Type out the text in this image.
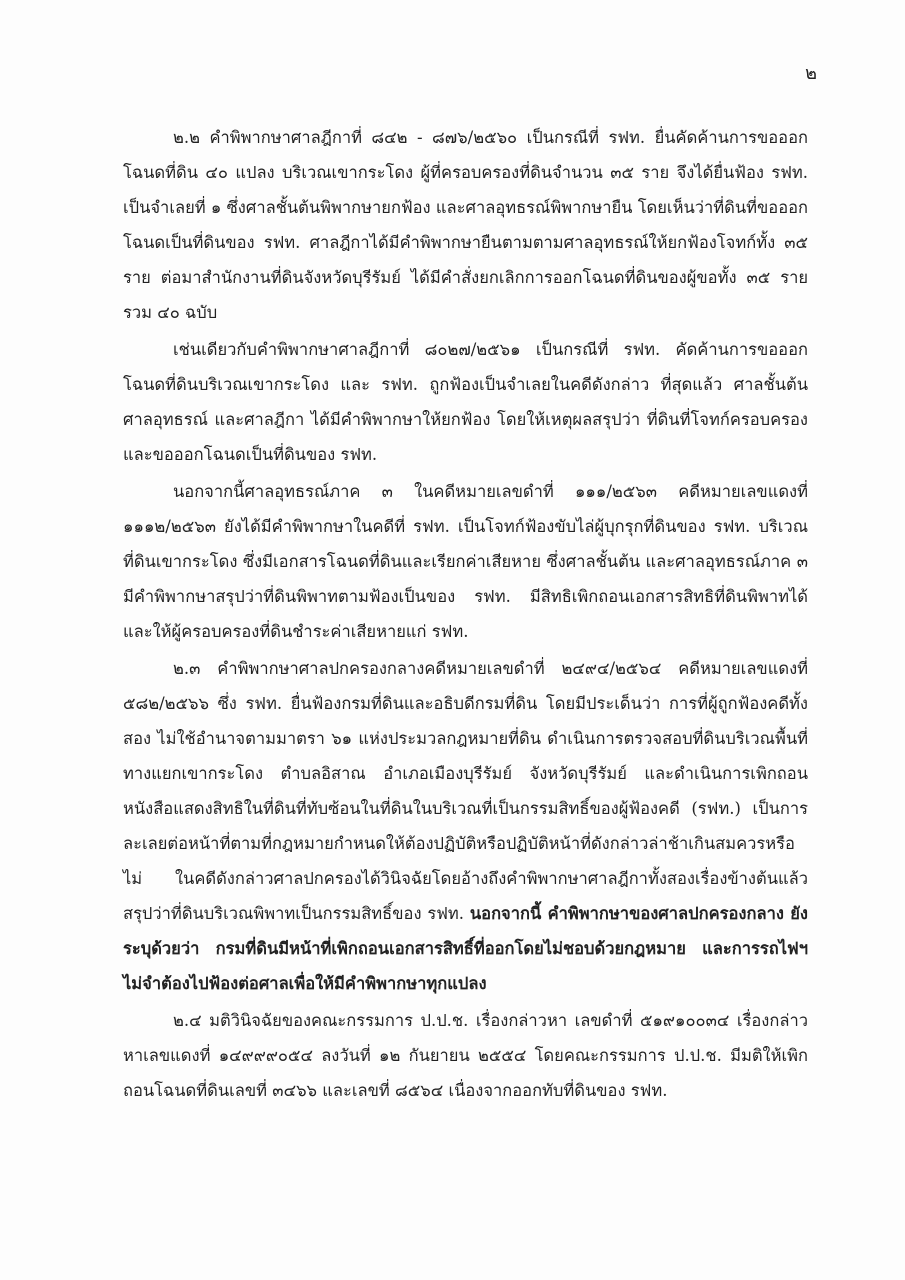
๒

๒.๒ คำพิพากษาศาลฎีกาที่ ๘๔๒ - ๘๗๖/๒๕๖๐ เป็นกรณีที่ รฟท. ยื่นคัดค้านการขอออกโฉนดที่ดิน ๔๐ แปลง บริเวณเขากระโดง ผู้ที่ครอบครองที่ดินจำนวน ๓๕ ราย จึงได้ยื่นฟ้อง รฟท. เป็นจำเลยที่ ๑ ซึ่งศาลชั้นต้นพิพากษายกฟ้อง และศาลอุทธรณ์พิพากษายืน โดยเห็นว่าที่ดินที่ขอออกโฉนดเป็นที่ดินของ รฟท. ศาลฎีกาได้มีคำพิพากษายืนตามตามศาลอุทธรณ์ให้ยกฟ้องโจทก์ทั้ง ๓๕ ราย ต่อมาสำนักงานที่ดินจังหวัดบุรีรัมย์ ได้มีคำสั่งยกเลิกการออกโฉนดที่ดินของผู้ขอทั้ง ๓๕ ราย รวม ๔๐ ฉบับ

เช่นเดียวกับคำพิพากษาศาลฎีกาที่ ๘๐๒๗/๒๕๖๑ เป็นกรณีที่ รฟท. คัดค้านการขอออกโฉนดที่ดินบริเวณเขากระโดง และ รฟท. ถูกฟ้องเป็นจำเลยในคดีดังกล่าว ที่สุดแล้ว ศาลชั้นต้น ศาลอุทธรณ์ และศาลฎีกา ได้มีคำพิพากษาให้ยกฟ้อง โดยให้เหตุผลสรุปว่า ที่ดินที่โจทก์ครอบครองและขอออกโฉนดเป็นที่ดินของ รฟท.

นอกจากนี้ศาลอุทธรณ์ภาค ๓ ในคดีหมายเลขดำที่ ๑๑๑/๒๕๖๓ คดีหมายเลขแดงที่ ๑๑๑๒/๒๕๖๓ ยังได้มีคำพิพากษาในคดีที่ รฟท. เป็นโจทก์ฟ้องขับไล่ผู้บุกรุกที่ดินของ รฟท. บริเวณที่ดินเขากระโดง ซึ่งมีเอกสารโฉนดที่ดินและเรียกค่าเสียหาย ซึ่งศาลชั้นต้น และศาลอุทธรณ์ภาค ๓ มีคำพิพากษาสรุปว่าที่ดินพิพาทตามฟ้องเป็นของ รฟท. มีสิทธิเพิกถอนเอกสารสิทธิที่ดินพิพาทได้และให้ผู้ครอบครองที่ดินชำระค่าเสียหายแก่ รฟท.

๒.๓ คำพิพากษาศาลปกครองกลางคดีหมายเลขดำที่ ๒๔๙๔/๒๕๖๔ คดีหมายเลขแดงที่ ๕๘๒/๒๕๖๖ ซึ่ง รฟท. ยื่นฟ้องกรมที่ดินและอธิบดีกรมที่ดิน โดยมีประเด็นว่า การที่ผู้ถูกฟ้องคดีทั้งสอง ไม่ใช้อำนาจตามมาตรา ๖๑ แห่งประมวลกฎหมายที่ดิน ดำเนินการตรวจสอบที่ดินบริเวณพื้นที่ทางแยกเขากระโดง ตำบลอิสาณ อำเภอเมืองบุรีรัมย์ จังหวัดบุรีรัมย์ และดำเนินการเพิกถอนหนังสือแสดงสิทธิในที่ดินที่ทับซ้อนในที่ดินในบริเวณที่เป็นกรรมสิทธิ์ของผู้ฟ้องคดี (รฟท.) เป็นการละเลยต่อหน้าที่ตามที่กฎหมายกำหนดให้ต้องปฏิบัติหรือปฏิบัติหน้าที่ดังกล่าวล่าช้าเกินสมควรหรือไม่ ในคดีดังกล่าวศาลปกครองได้วินิจฉัยโดยอ้างถึงคำพิพากษาศาลฎีกาทั้งสองเรื่องข้างต้นแล้ว สรุปว่าที่ดินบริเวณพิพาทเป็นกรรมสิทธิ์ของ รฟท. นอกจากนี้ คำพิพากษาของศาลปกครองกลาง ยังระบุด้วยว่า กรมที่ดินมีหน้าที่เพิกถอนเอกสารสิทธิ์ที่ออกโดยไม่ชอบด้วยกฎหมาย และการรถไฟฯ ไม่จำต้องไปฟ้องต่อศาลเพื่อให้มีคำพิพากษาทุกแปลง

๒.๔ มติวินิจฉัยของคณะกรรมการ ป.ป.ช. เรื่องกล่าวหา เลขดำที่ ๕๑๙๑๐๐๓๔ เรื่องกล่าวหาเลขแดงที่ ๑๔๙๙๙๐๕๔ ลงวันที่ ๑๒ กันยายน ๒๕๕๔ โดยคณะกรรมการ ป.ป.ช. มีมติให้เพิกถอนโฉนดที่ดินเลขที่ ๓๔๖๖ และเลขที่ ๘๕๖๔ เนื่องจากออกทับที่ดินของ รฟท.
